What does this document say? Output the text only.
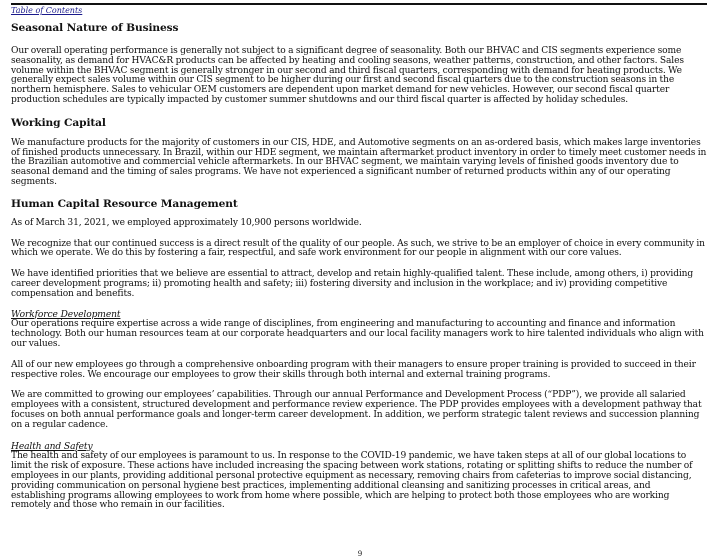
Table of Contents
Seasonal Nature of Business

Our overall operating performance is generally not subject to a significant degree of seasonality. Both our BHVAC and CIS segments experience some seasonality, as demand for HVAC&R products can be affected by heating and cooling seasons, weather patterns, construction, and other factors. Sales volume within the BHVAC segment is generally stronger in our second and third fiscal quarters, corresponding with demand for heating products. We generally expect sales volume within our CIS segment to be higher during our first and second fiscal quarters due to the construction seasons in the northern hemisphere. Sales to vehicular OEM customers are dependent upon market demand for new vehicles. However, our second fiscal quarter production schedules are typically impacted by customer summer shutdowns and our third fiscal quarter is affected by holiday schedules.

Working Capital

We manufacture products for the majority of customers in our CIS, HDE, and Automotive segments on an as-ordered basis, which makes large inventories of finished products unnecessary. In Brazil, within our HDE segment, we maintain aftermarket product inventory in order to timely meet customer needs in the Brazilian automotive and commercial vehicle aftermarkets. In our BHVAC segment, we maintain varying levels of finished goods inventory due to seasonal demand and the timing of sales programs. We have not experienced a significant number of returned products within any of our operating segments.

Human Capital Resource Management

As of March 31, 2021, we employed approximately 10,900 persons worldwide.

We recognize that our continued success is a direct result of the quality of our people. As such, we strive to be an employer of choice in every community in which we operate. We do this by fostering a fair, respectful, and safe work environment for our people in alignment with our core values.

We have identified priorities that we believe are essential to attract, develop and retain highly-qualified talent. These include, among others, i) providing career development programs; ii) promoting health and safety; iii) fostering diversity and inclusion in the workplace; and iv) providing competitive compensation and benefits.

Workforce Development

Our operations require expertise across a wide range of disciplines, from engineering and manufacturing to accounting and finance and information technology. Both our human resources team at our corporate headquarters and our local facility managers work to hire talented individuals who align with our values.

All of our new employees go through a comprehensive onboarding program with their managers to ensure proper training is provided to succeed in their respective roles. We encourage our employees to grow their skills through both internal and external training programs.

We are committed to growing our employees’ capabilities. Through our annual Performance and Development Process (“PDP”), we provide all salaried employees with a consistent, structured development and performance review experience. The PDP provides employees with a development pathway that focuses on both annual performance goals and longer-term career development. In addition, we perform strategic talent reviews and succession planning on a regular cadence.

Health and Safety

The health and safety of our employees is paramount to us. In response to the COVID-19 pandemic, we have taken steps at all of our global locations to limit the risk of exposure. These actions have included increasing the spacing between work stations, rotating or splitting shifts to reduce the number of employees in our plants, providing additional personal protective equipment as necessary, removing chairs from cafeterias to improve social distancing, providing communication on personal hygiene best practices, implementing additional cleansing and sanitizing processes in critical areas, and establishing programs allowing employees to work from home where possible, which are helping to protect both those employees who are working remotely and those who remain in our facilities.

9
